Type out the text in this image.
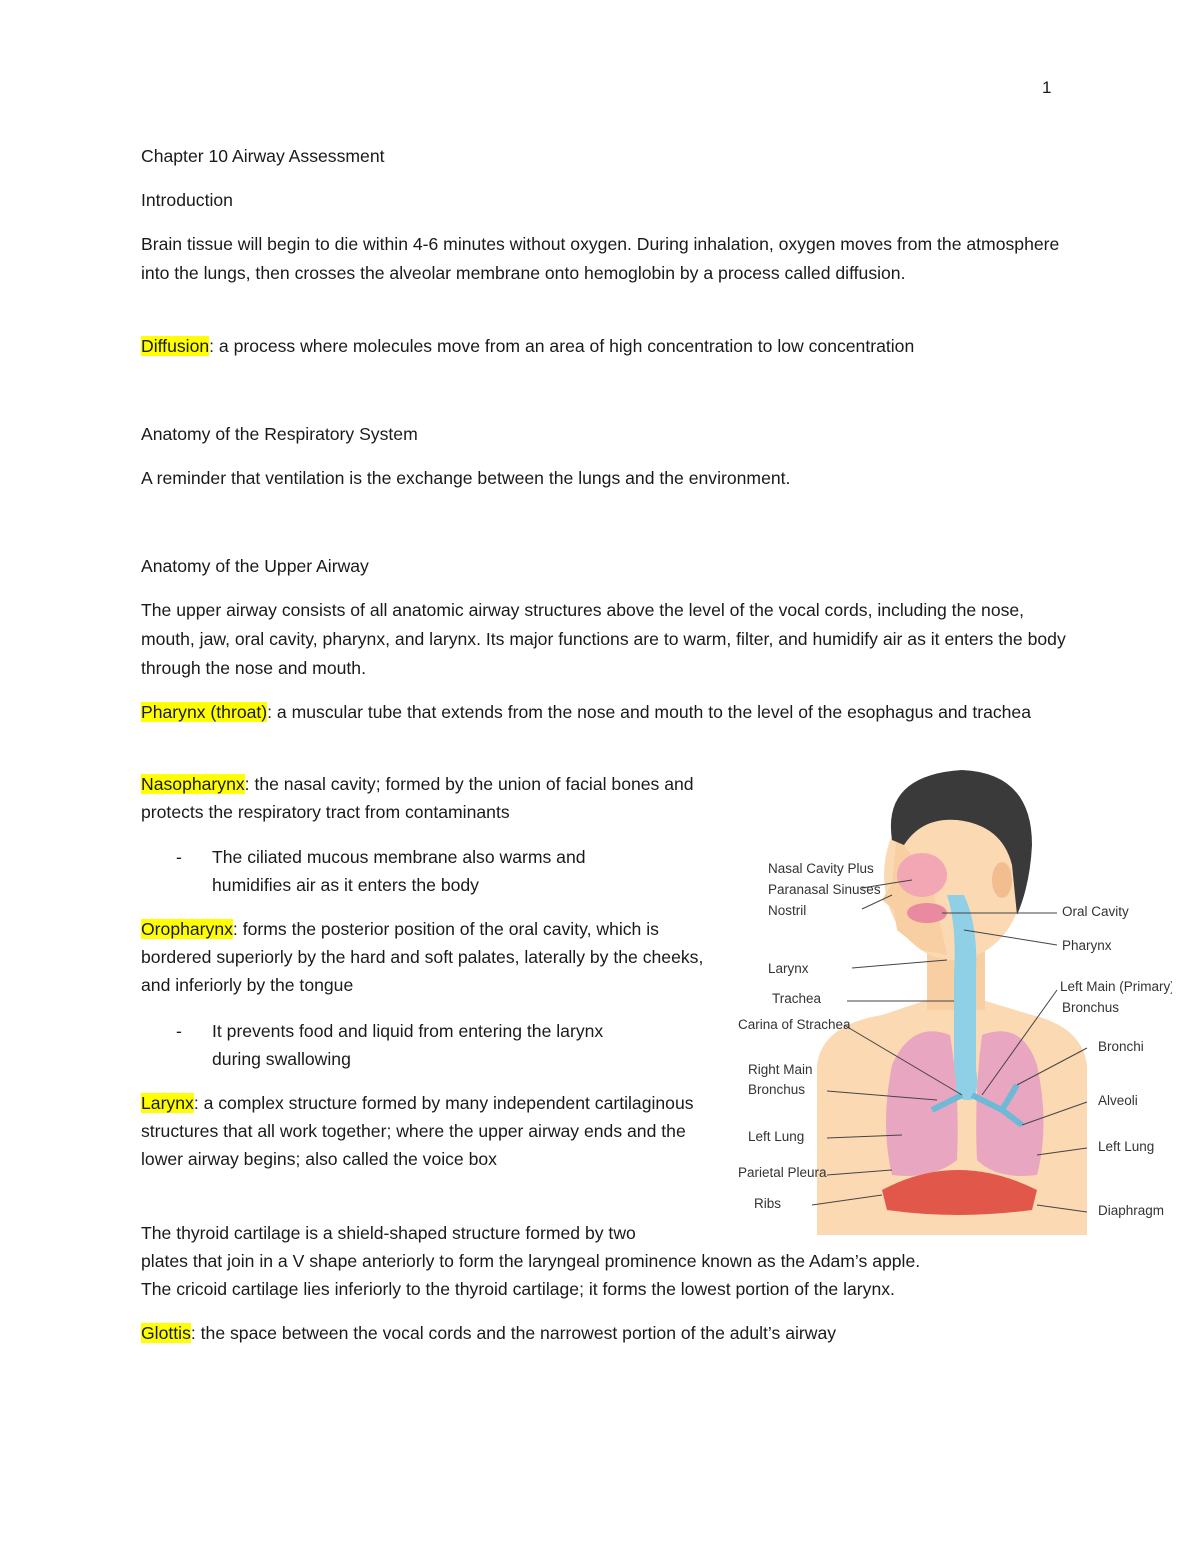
1

Chapter 10 Airway Assessment

Introduction

Brain tissue will begin to die within 4-6 minutes without oxygen. During inhalation, oxygen moves from the atmosphere into the lungs, then crosses the alveolar membrane onto hemoglobin by a process called diffusion.

Diffusion: a process where molecules move from an area of high concentration to low concentration

Anatomy of the Respiratory System

A reminder that ventilation is the exchange between the lungs and the environment.

Anatomy of the Upper Airway

The upper airway consists of all anatomic airway structures above the level of the vocal cords, including the nose, mouth, jaw, oral cavity, pharynx, and larynx. Its major functions are to warm, filter, and humidify air as it enters the body through the nose and mouth.

Pharynx (throat): a muscular tube that extends from the nose and mouth to the level of the esophagus and trachea

Nasopharynx: the nasal cavity; formed by the union of facial bones and protects the respiratory tract from contaminants

- The ciliated mucous membrane also warms and humidifies air as it enters the body

Oropharynx: forms the posterior position of the oral cavity, which is bordered superiorly by the hard and soft palates, laterally by the cheeks, and inferiorly by the tongue

- It prevents food and liquid from entering the larynx during swallowing

Larynx: a complex structure formed by many independent cartilaginous structures that all work together; where the upper airway ends and the lower airway begins; also called the voice box

The thyroid cartilage is a shield-shaped structure formed by two

plates that join in a V shape anteriorly to form the laryngeal prominence known as the Adam’s apple.

The cricoid cartilage lies inferiorly to the thyroid cartilage; it forms the lowest portion of the larynx.

Glottis: the space between the vocal cords and the narrowest portion of the adult’s airway

Nasal Cavity Plus
Paranasal Sinuses
Nostril
Larynx
Trachea
Carina of Strachea
Right Main
Bronchus
Left Lung
Parietal Pleura
Ribs
Oral Cavity
Pharynx
Left Main (Primary)
Bronchus
Bronchi
Alveoli
Left Lung
Diaphragm
